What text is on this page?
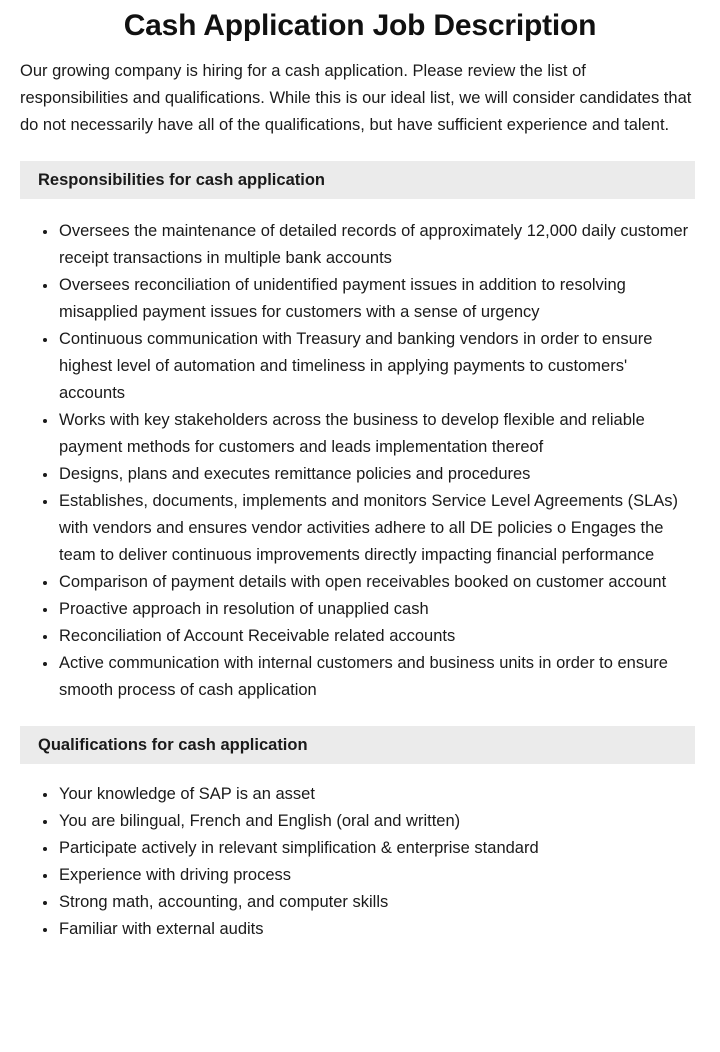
Cash Application Job Description

Our growing company is hiring for a cash application. Please review the list of responsibilities and qualifications. While this is our ideal list, we will consider candidates that do not necessarily have all of the qualifications, but have sufficient experience and talent.

Responsibilities for cash application
Oversees the maintenance of detailed records of approximately 12,000 daily customer receipt transactions in multiple bank accounts
Oversees reconciliation of unidentified payment issues in addition to resolving misapplied payment issues for customers with a sense of urgency
Continuous communication with Treasury and banking vendors in order to ensure highest level of automation and timeliness in applying payments to customers' accounts
Works with key stakeholders across the business to develop flexible and reliable payment methods for customers and leads implementation thereof
Designs, plans and executes remittance policies and procedures
Establishes, documents, implements and monitors Service Level Agreements (SLAs) with vendors and ensures vendor activities adhere to all DE policies o Engages the team to deliver continuous improvements directly impacting financial performance
Comparison of payment details with open receivables booked on customer account
Proactive approach in resolution of unapplied cash
Reconciliation of Account Receivable related accounts
Active communication with internal customers and business units in order to ensure smooth process of cash application
Qualifications for cash application
Your knowledge of SAP is an asset
You are bilingual, French and English (oral and written)
Participate actively in relevant simplification & enterprise standard
Experience with driving process
Strong math, accounting, and computer skills
Familiar with external audits
